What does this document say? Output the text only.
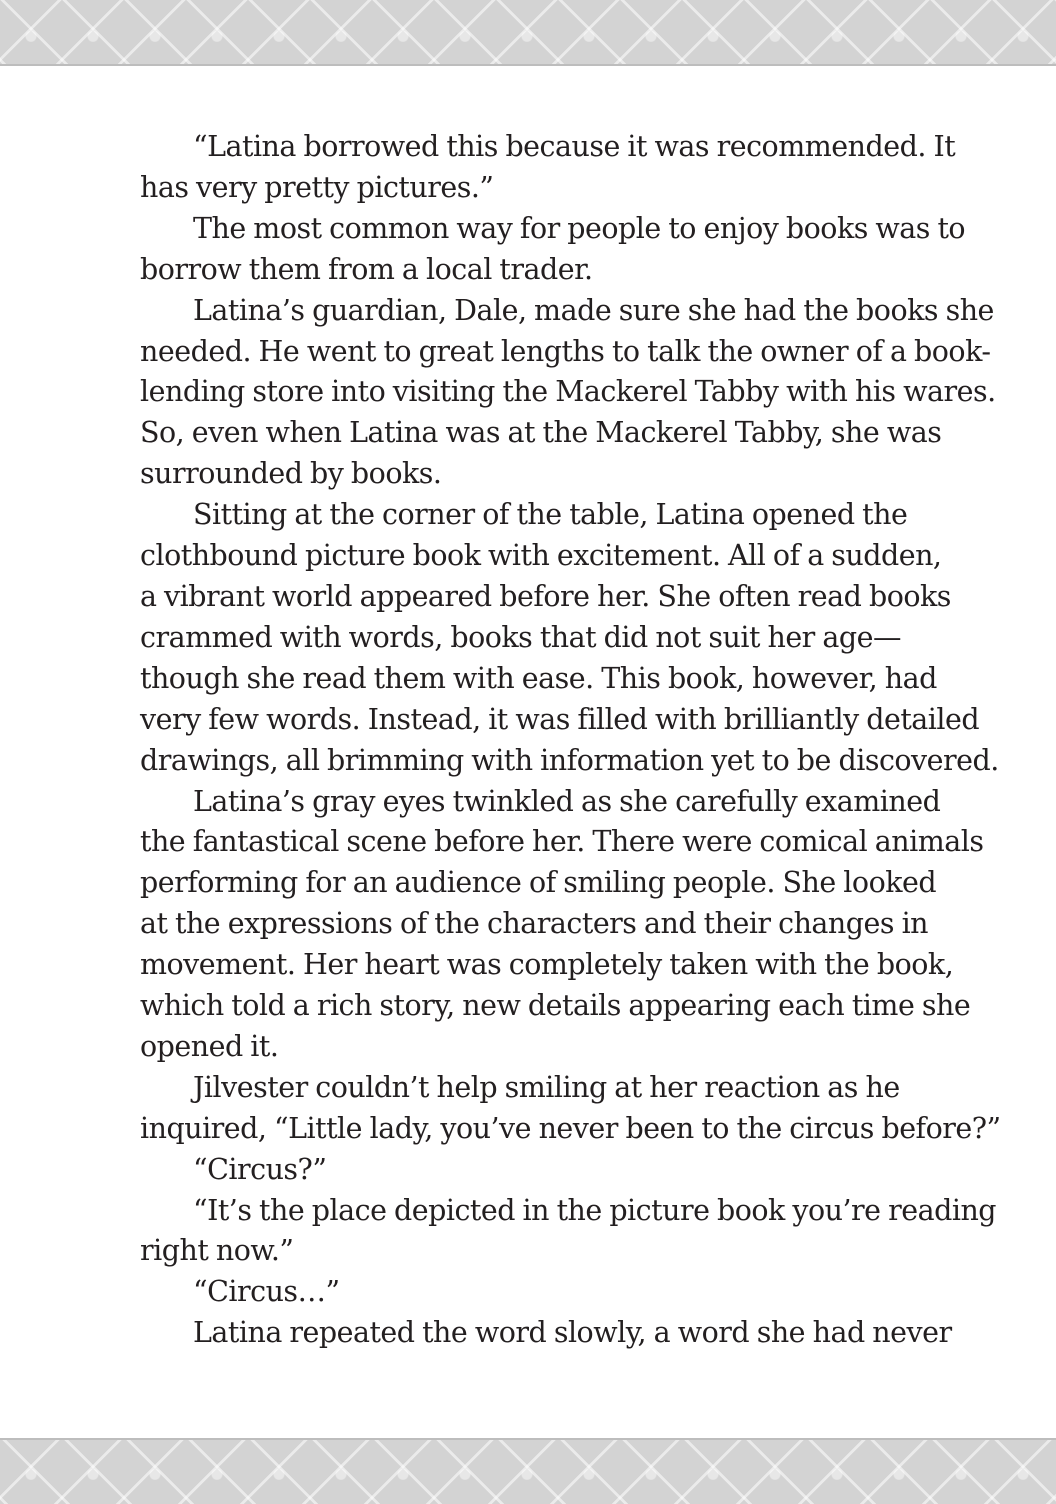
“Latina borrowed this because it was recommended. It
has very pretty pictures.”
The most common way for people to enjoy books was to
borrow them from a local trader.
Latina’s guardian, Dale, made sure she had the books she
needed. He went to great lengths to talk the owner of a book-
lending store into visiting the Mackerel Tabby with his wares.
So, even when Latina was at the Mackerel Tabby, she was
surrounded by books.
Sitting at the corner of the table, Latina opened the
clothbound picture book with excitement. All of a sudden,
a vibrant world appeared before her. She often read books
crammed with words, books that did not suit her age—
though she read them with ease. This book, however, had
very few words. Instead, it was filled with brilliantly detailed
drawings, all brimming with information yet to be discovered.
Latina’s gray eyes twinkled as she carefully examined
the fantastical scene before her. There were comical animals
performing for an audience of smiling people. She looked
at the expressions of the characters and their changes in
movement. Her heart was completely taken with the book,
which told a rich story, new details appearing each time she
opened it.
Jilvester couldn’t help smiling at her reaction as he
inquired, “Little lady, you’ve never been to the circus before?”
“Circus?”
“It’s the place depicted in the picture book you’re reading
right now.”
“Circus…”
Latina repeated the word slowly, a word she had never
